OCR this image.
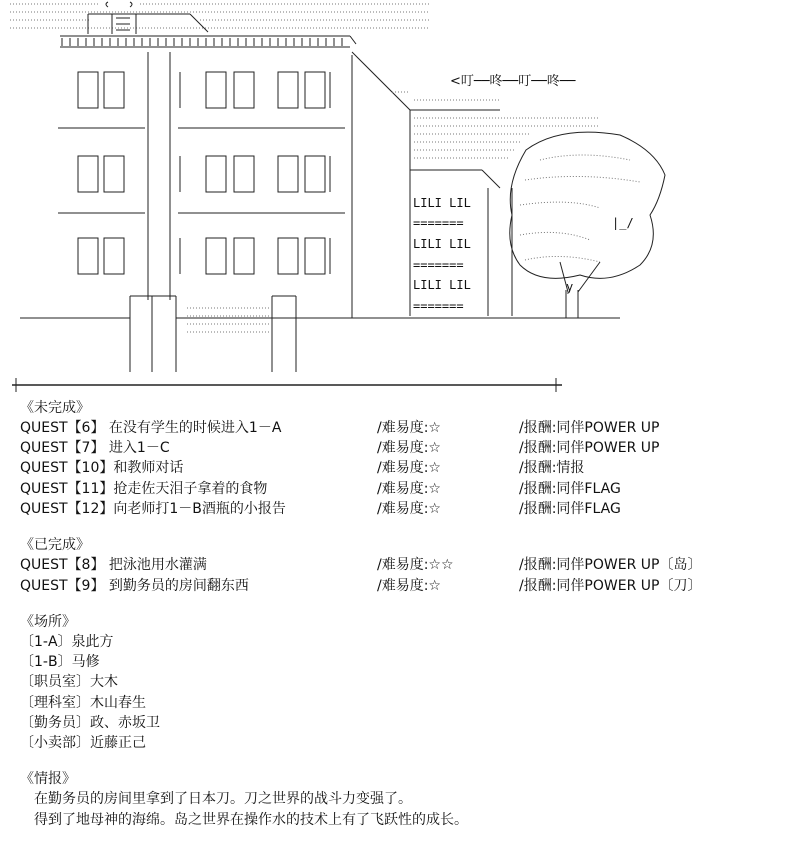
LILI LIL
=======
LILI LIL
=======
LILI LIL
=======
|_/
y
<叮──咚──叮──咚──
《未完成》
QUEST【6】 在没有学生的时候进入1－A	/难易度:☆	/报酬:同伴POWER UP
QUEST【7】 进入1－C	/难易度:☆	/报酬:同伴POWER UP
QUEST【10】和教师对话	/难易度:☆	/报酬:情报
QUEST【11】抢走佐天泪子拿着的食物	/难易度:☆	/报酬:同伴FLAG
QUEST【12】向老师打1－B酒瓶的小报告	/难易度:☆	/报酬:同伴FLAG
《已完成》
QUEST【8】 把泳池用水灌满	/难易度:☆☆	/报酬:同伴POWER UP〔岛〕
QUEST【9】 到勤务员的房间翻东西	/难易度:☆	/报酬:同伴POWER UP〔刀〕
《场所》
〔1-A〕泉此方
〔1-B〕马修
〔职员室〕大木
〔理科室〕木山春生
〔勤务员〕政、赤坂卫
〔小卖部〕近藤正己
《情报》
在勤务员的房间里拿到了日本刀。刀之世界的战斗力变强了。
得到了地母神的海绵。岛之世界在操作水的技术上有了飞跃性的成长。
